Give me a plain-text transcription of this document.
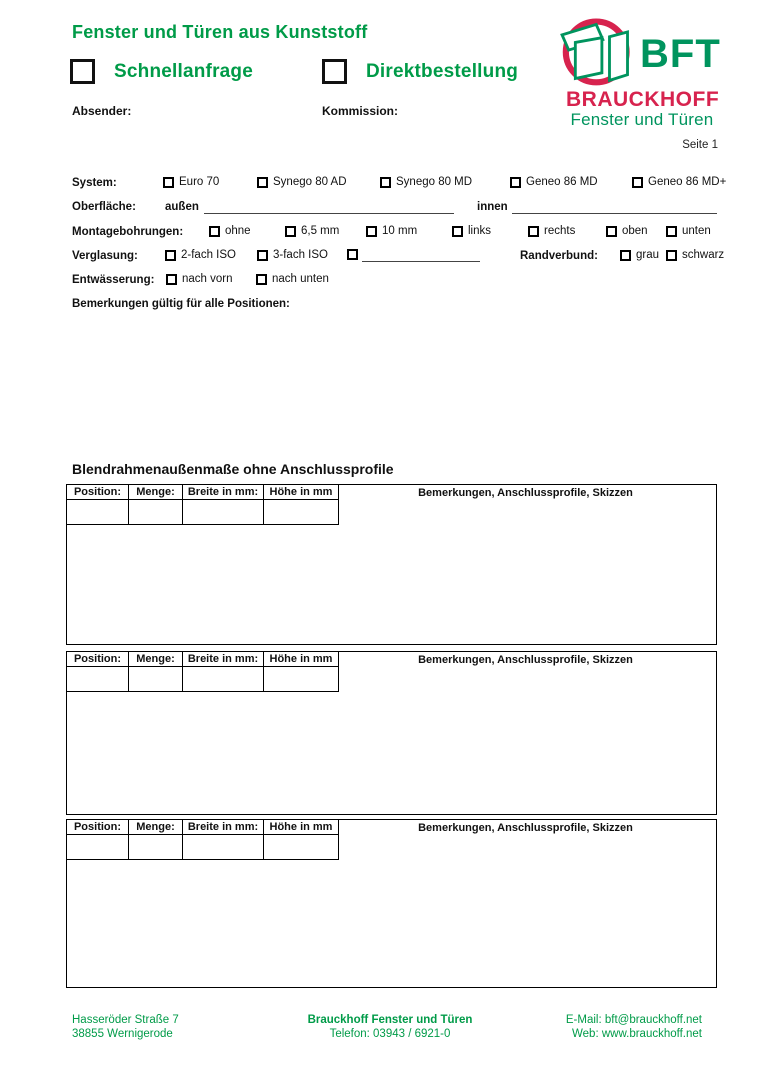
Fenster und Türen aus Kunststoff
Schnellanfrage	Direktbestellung
Absender:	Kommission:
BFT
BRAUCKHOFF
Fenster und Türen
Seite 1
System:	Euro 70	Synego 80 AD	Synego 80 MD	Geneo 86 MD	Geneo 86 MD+
Oberfläche:	außen	innen
Montagebohrungen:	ohne	6,5 mm	10 mm	links	rechts	oben	unten
Verglasung:	2-fach ISO	3-fach ISO	Randverbund:	grau schwarz
Entwässerung: nach vorn	nach unten
Bemerkungen gültig für alle Positionen:
Blendrahmenaußenmaße ohne Anschlussprofile
Position:	Menge:	Breite in mm:	Höhe in mm
				Bemerkungen, Anschlussprofile, Skizzen
Position:	Menge:	Breite in mm:	Höhe in mm
				Bemerkungen, Anschlussprofile, Skizzen
Position:	Menge:	Breite in mm:	Höhe in mm
				Bemerkungen, Anschlussprofile, Skizzen
Hasseröder Straße 7
38855 Wernigerode
Brauckhoff Fenster und Türen
Telefon: 03943 / 6921-0
E-Mail: bft@brauckhoff.net
Web: www.brauckhoff.net
